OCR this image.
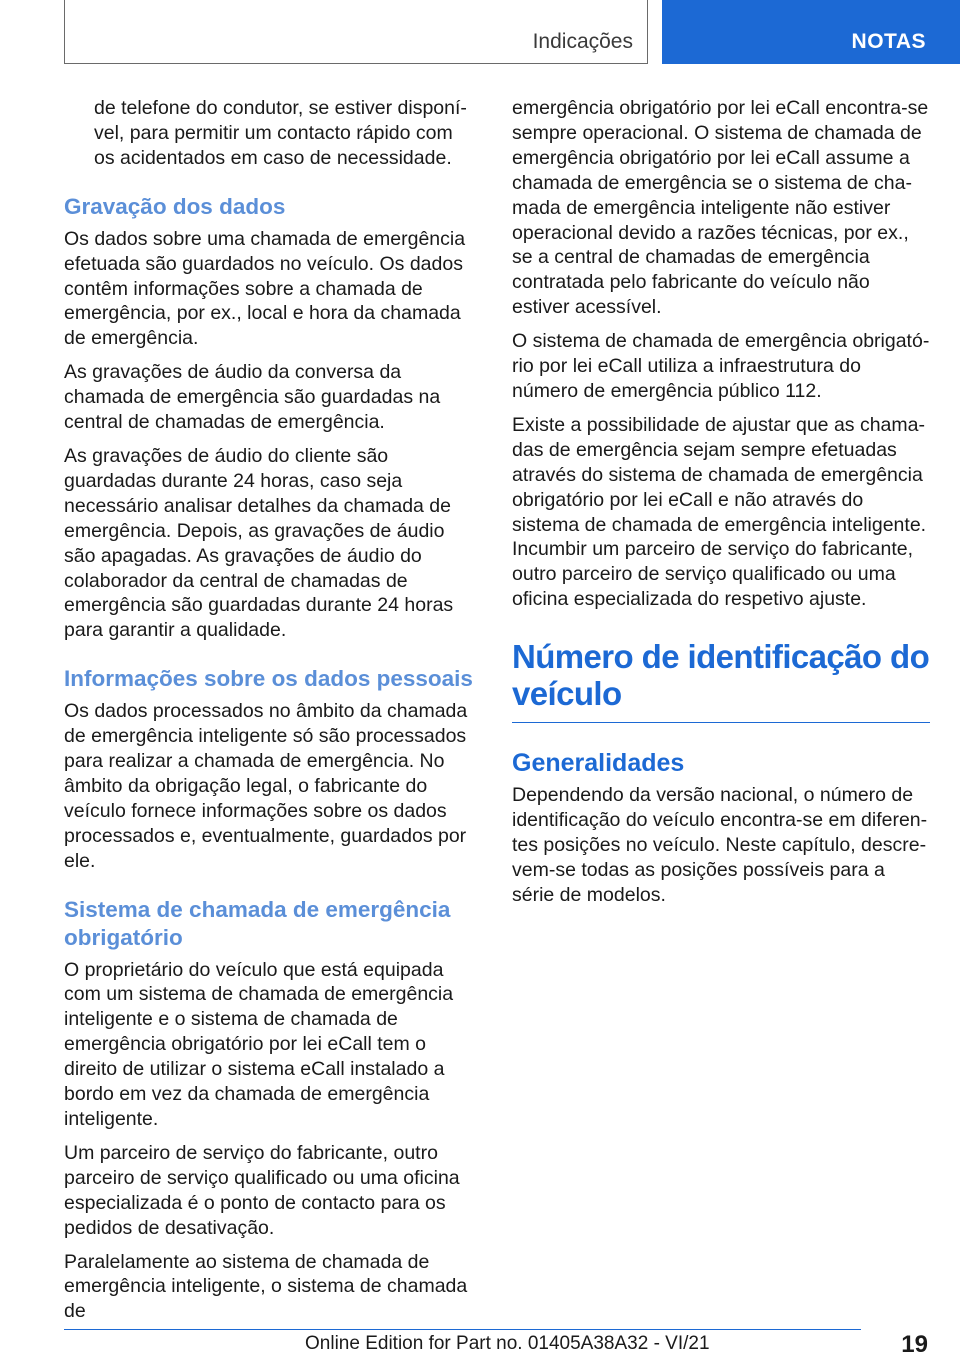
Indicações	NOTAS

de telefone do condutor, se estiver disponível, para permitir um contacto rápido com os acidentados em caso de necessidade.

Gravação dos dados

Os dados sobre uma chamada de emergência efetuada são guardados no veículo. Os dados contêm informações sobre a chamada de emergência, por ex., local e hora da chamada de emergência.

As gravações de áudio da conversa da chamada de emergência são guardadas na central de chamadas de emergência.

As gravações de áudio do cliente são guardadas durante 24 horas, caso seja necessário analisar detalhes da chamada de emergência. Depois, as gravações de áudio são apagadas. As gravações de áudio do colaborador da central de chamadas de emergência são guardadas durante 24 horas para garantir a qualidade.

Informações sobre os dados pessoais

Os dados processados no âmbito da chamada de emergência inteligente só são processados para realizar a chamada de emergência. No âmbito da obrigação legal, o fabricante do veículo fornece informações sobre os dados processados e, eventualmente, guardados por ele.

Sistema de chamada de emergência obrigatório

O proprietário do veículo que está equipada com um sistema de chamada de emergência inteligente e o sistema de chamada de emergência obrigatório por lei eCall tem o direito de utilizar o sistema eCall instalado a bordo em vez da chamada de emergência inteligente.

Um parceiro de serviço do fabricante, outro parceiro de serviço qualificado ou uma oficina especializada é o ponto de contacto para os pedidos de desativação.

Paralelamente ao sistema de chamada de emergência inteligente, o sistema de chamada de

emergência obrigatório por lei eCall encontra-se sempre operacional. O sistema de chamada de emergência obrigatório por lei eCall assume a chamada de emergência se o sistema de chamada de emergência inteligente não estiver operacional devido a razões técnicas, por ex., se a central de chamadas de emergência contratada pelo fabricante do veículo não estiver acessível.

O sistema de chamada de emergência obrigatório por lei eCall utiliza a infraestrutura do número de emergência público 112.

Existe a possibilidade de ajustar que as chamadas de emergência sejam sempre efetuadas através do sistema de chamada de emergência obrigatório por lei eCall e não através do sistema de chamada de emergência inteligente. Incumbir um parceiro de serviço do fabricante, outro parceiro de serviço qualificado ou uma oficina especializada do respetivo ajuste.

Número de identificação do veículo
Generalidades

Dependendo da versão nacional, o número de identificação do veículo encontra-se em diferentes posições no veículo. Neste capítulo, descrevem-se todas as posições possíveis para a série de modelos.

19
Online Edition for Part no. 01405A38A32 - VI/21
